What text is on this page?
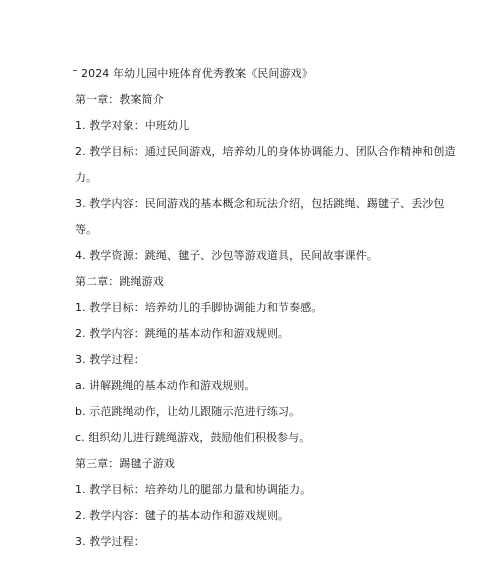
2024 年幼儿园中班体育优秀教案《民间游戏》
第一章：教案简介
1. 教学对象：中班幼儿
2. 教学目标：通过民间游戏，培养幼儿的身体协调能力、团队合作精神和创造
力。
3. 教学内容：民间游戏的基本概念和玩法介绍，包括跳绳、踢毽子、丢沙包
等。
4. 教学资源：跳绳、毽子、沙包等游戏道具，民间故事课件。
第二章：跳绳游戏
1. 教学目标：培养幼儿的手脚协调能力和节奏感。
2. 教学内容：跳绳的基本动作和游戏规则。
3. 教学过程：
a. 讲解跳绳的基本动作和游戏规则。
b. 示范跳绳动作，让幼儿跟随示范进行练习。
c. 组织幼儿进行跳绳游戏，鼓励他们积极参与。
第三章：踢毽子游戏
1. 教学目标：培养幼儿的腿部力量和协调能力。
2. 教学内容：毽子的基本动作和游戏规则。
3. 教学过程：
